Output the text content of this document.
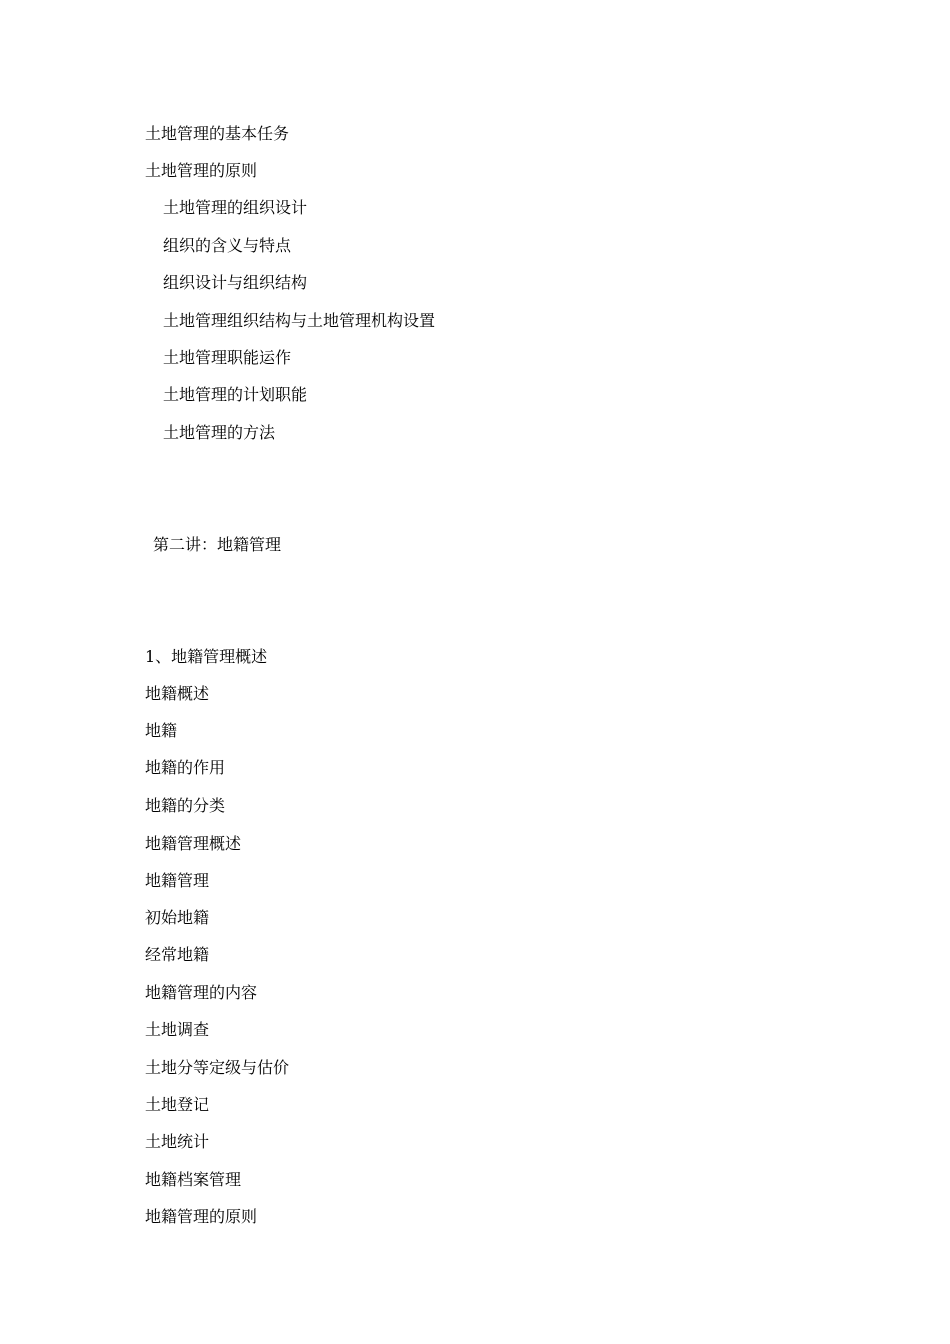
土地管理的基本任务
土地管理的原则
土地管理的组织设计
组织的含义与特点
组织设计与组织结构
土地管理组织结构与土地管理机构设置
土地管理职能运作
土地管理的计划职能
土地管理的方法
第二讲：地籍管理
1、地籍管理概述
地籍概述
地籍
地籍的作用
地籍的分类
地籍管理概述
地籍管理
初始地籍
经常地籍
地籍管理的内容
土地调查
土地分等定级与估价
土地登记
土地统计
地籍档案管理
地籍管理的原则
